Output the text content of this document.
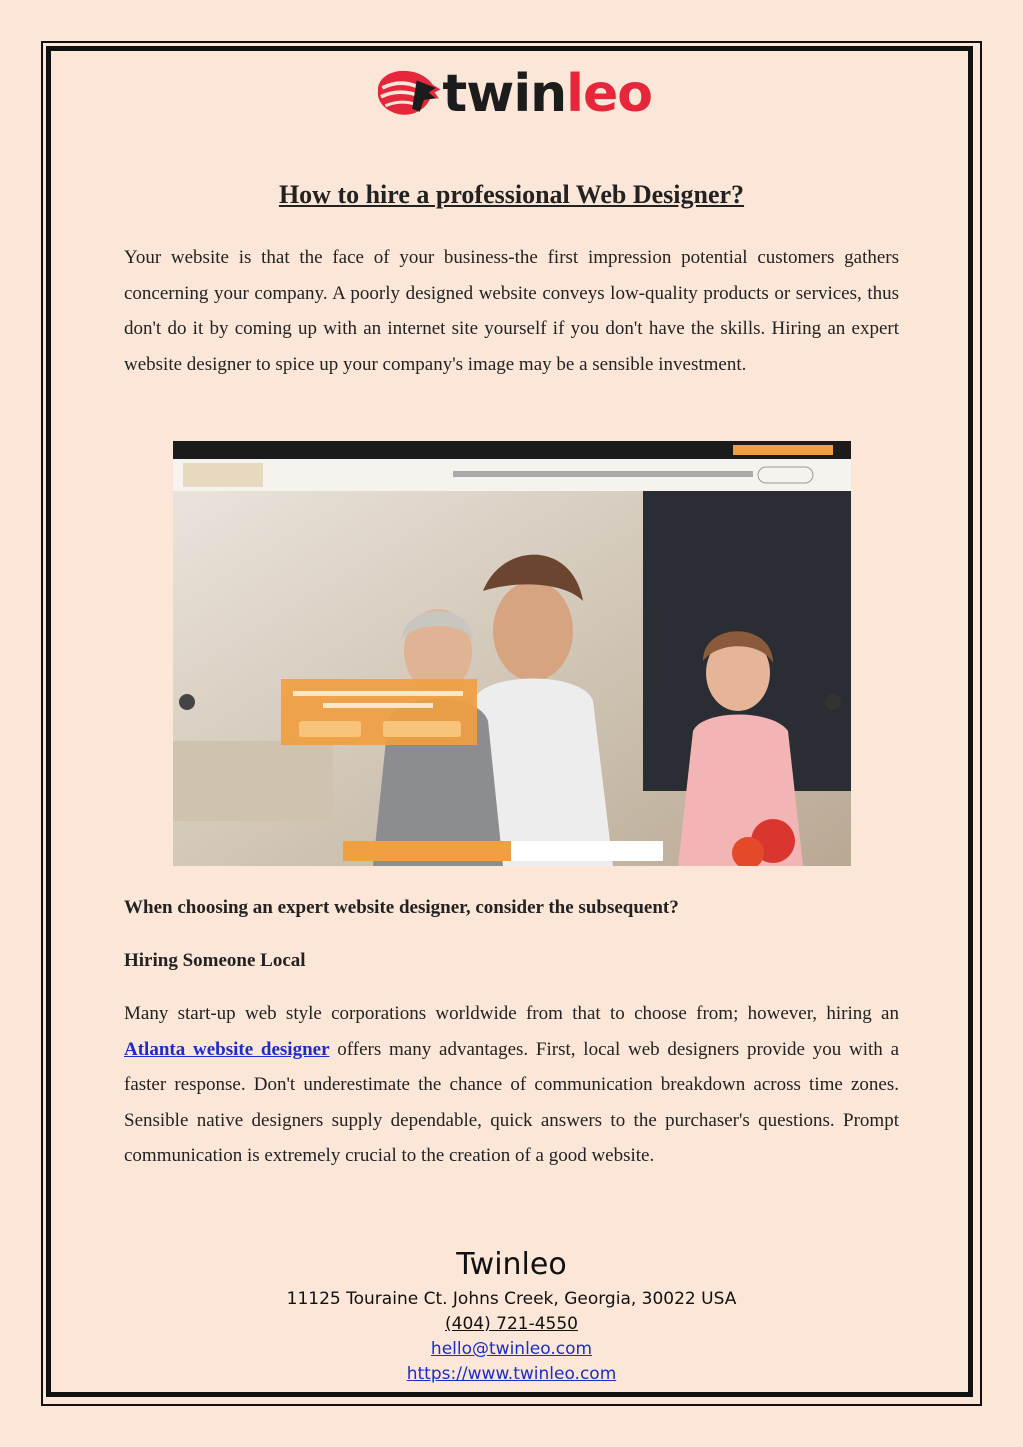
twinleo
How to hire a professional Web Designer?

Your website is that the face of your business-the first impression potential customers gathers concerning your company. A poorly designed website conveys low-quality products or services, thus don't do it by coming up with an internet site yourself if you don't have the skills. Hiring an expert website designer to spice up your company's image may be a sensible investment.

When choosing an expert website designer, consider the subsequent?

Hiring Someone Local

Many start-up web style corporations worldwide from that to choose from; however, hiring an Atlanta website designer offers many advantages. First, local web designers provide you with a faster response. Don't underestimate the chance of communication breakdown across time zones. Sensible native designers supply dependable, quick answers to the purchaser's questions. Prompt communication is extremely crucial to the creation of a good website.

Twinleo
11125 Touraine Ct. Johns Creek, Georgia, 30022 USA
(404) 721-4550
hello@twinleo.com
https://www.twinleo.com
